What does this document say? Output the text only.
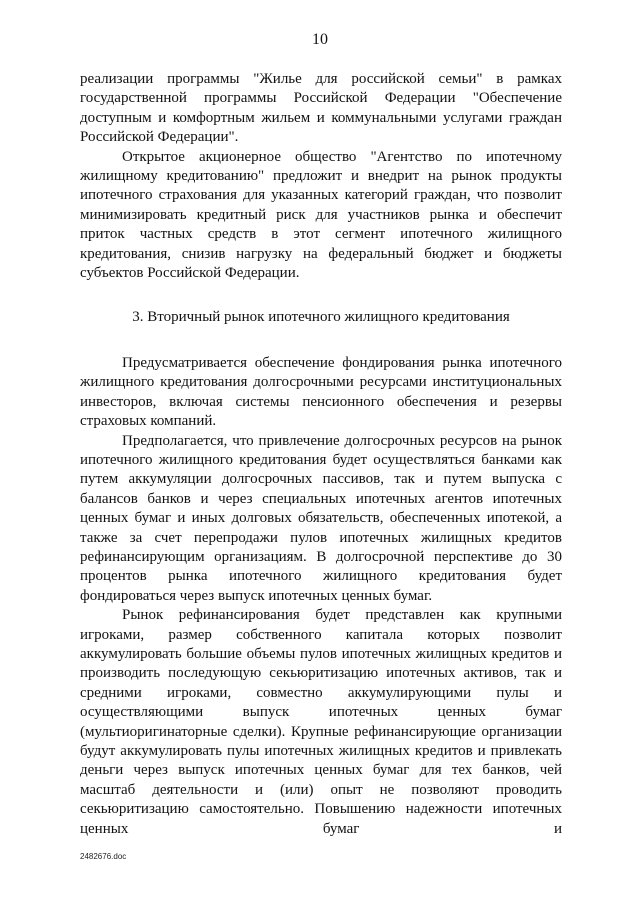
10

реализации программы "Жилье для российской семьи" в рамках государственной программы Российской Федерации "Обеспечение доступным и комфортным жильем и коммунальными услугами граждан Российской Федерации".

Открытое акционерное общество "Агентство по ипотечному жилищному кредитованию" предложит и внедрит на рынок продукты ипотечного страхования для указанных категорий граждан, что позволит минимизировать кредитный риск для участников рынка и обеспечит приток частных средств в этот сегмент ипотечного жилищного кредитования, снизив нагрузку на федеральный бюджет и бюджеты субъектов Российской Федерации.

3. Вторичный рынок ипотечного жилищного кредитования

Предусматривается обеспечение фондирования рынка ипотечного жилищного кредитования долгосрочными ресурсами институциональных инвесторов, включая системы пенсионного обеспечения и резервы страховых компаний.

Предполагается, что привлечение долгосрочных ресурсов на рынок ипотечного жилищного кредитования будет осуществляться банками как путем аккумуляции долгосрочных пассивов, так и путем выпуска с балансов банков и через специальных ипотечных агентов ипотечных ценных бумаг и иных долговых обязательств, обеспеченных ипотекой, а также за счет перепродажи пулов ипотечных жилищных кредитов рефинансирующим организациям. В долгосрочной перспективе до 30 процентов рынка ипотечного жилищного кредитования будет фондироваться через выпуск ипотечных ценных бумаг.

Рынок рефинансирования будет представлен как крупными игроками, размер собственного капитала которых позволит аккумулировать большие объемы пулов ипотечных жилищных кредитов и производить последующую секьюритизацию ипотечных активов, так и средними игроками, совместно аккумулирующими пулы и осуществляющими выпуск ипотечных ценных бумаг (мультиоригинаторные сделки). Крупные рефинансирующие организации будут аккумулировать пулы ипотечных жилищных кредитов и привлекать деньги через выпуск ипотечных ценных бумаг для тех банков, чей масштаб деятельности и (или) опыт не позволяют проводить секьюритизацию самостоятельно. Повышению надежности ипотечных ценных бумаг и

2482676.doc
